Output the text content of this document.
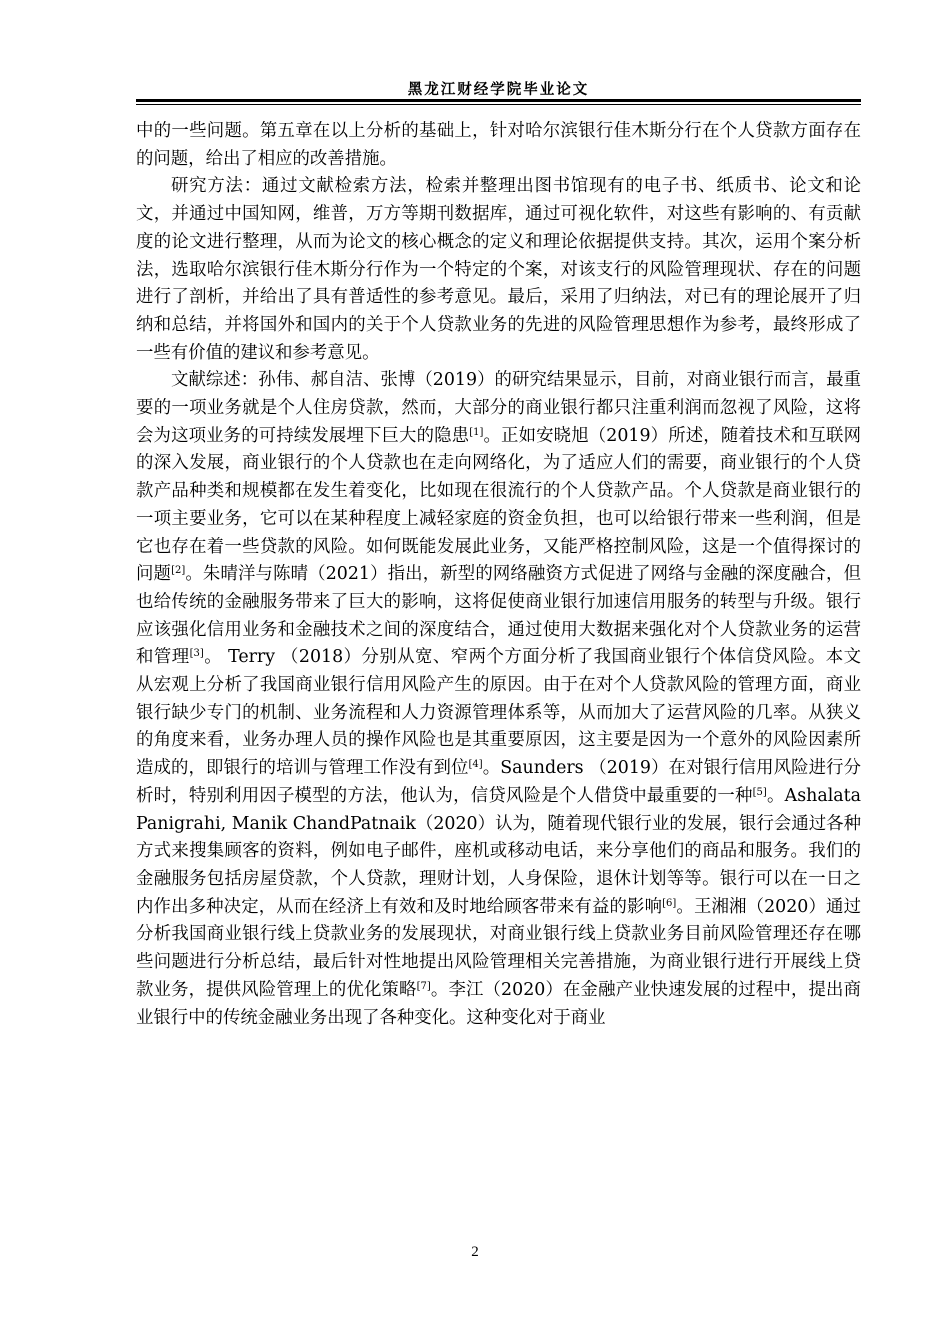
黑龙江财经学院毕业论文

中的一些问题。第五章在以上分析的基础上，针对哈尔滨银行佳木斯分行在个人贷款方面存在的问题，给出了相应的改善措施。

研究方法：通过文献检索方法，检索并整理出图书馆现有的电子书、纸质书、论文和论文，并通过中国知网，维普，万方等期刊数据库，通过可视化软件，对这些有影响的、有贡献度的论文进行整理，从而为论文的核心概念的定义和理论依据提供支持。其次，运用个案分析法，选取哈尔滨银行佳木斯分行作为一个特定的个案，对该支行的风险管理现状、存在的问题进行了剖析，并给出了具有普适性的参考意见。最后，采用了归纳法，对已有的理论展开了归纳和总结，并将国外和国内的关于个人贷款业务的先进的风险管理思想作为参考，最终形成了一些有价值的建议和参考意见。

文献综述：孙伟、郝自洁、张博（2019）的研究结果显示，目前，对商业银行而言，最重要的一项业务就是个人住房贷款，然而，大部分的商业银行都只注重利润而忽视了风险，这将会为这项业务的可持续发展埋下巨大的隐患[1]。正如安晓旭（2019）所述，随着技术和互联网的深入发展，商业银行的个人贷款也在走向网络化，为了适应人们的需要，商业银行的个人贷款产品种类和规模都在发生着变化，比如现在很流行的个人贷款产品。个人贷款是商业银行的一项主要业务，它可以在某种程度上减轻家庭的资金负担，也可以给银行带来一些利润，但是它也存在着一些贷款的风险。如何既能发展此业务，又能严格控制风险，这是一个值得探讨的问题[2]。朱晴洋与陈晴（2021）指出，新型的网络融资方式促进了网络与金融的深度融合，但也给传统的金融服务带来了巨大的影响，这将促使商业银行加速信用服务的转型与升级。银行应该强化信用业务和金融技术之间的深度结合，通过使用大数据来强化对个人贷款业务的运营和管理[3]。 Terry （2018）分别从宽、窄两个方面分析了我国商业银行个体信贷风险。本文从宏观上分析了我国商业银行信用风险产生的原因。由于在对个人贷款风险的管理方面，商业银行缺少专门的机制、业务流程和人力资源管理体系等，从而加大了运营风险的几率。从狭义的角度来看，业务办理人员的操作风险也是其重要原因，这主要是因为一个意外的风险因素所造成的，即银行的培训与管理工作没有到位[4]。Saunders （2019）在对银行信用风险进行分析时，特别利用因子模型的方法，他认为，信贷风险是个人借贷中最重要的一种[5]。Ashalata Panigrahi, Manik ChandPatnaik（2020）认为，随着现代银行业的发展，银行会通过各种方式来搜集顾客的资料，例如电子邮件，座机或移动电话，来分享他们的商品和服务。我们的金融服务包括房屋贷款，个人贷款，理财计划，人身保险，退休计划等等。银行可以在一日之内作出多种决定，从而在经济上有效和及时地给顾客带来有益的影响[6]。王湘湘（2020）通过分析我国商业银行线上贷款业务的发展现状，对商业银行线上贷款业务目前风险管理还存在哪些问题进行分析总结，最后针对性地提出风险管理相关完善措施，为商业银行进行开展线上贷款业务，提供风险管理上的优化策略[7]。李江（2020）在金融产业快速发展的过程中，提出商业银行中的传统金融业务出现了各种变化。这种变化对于商业

2
